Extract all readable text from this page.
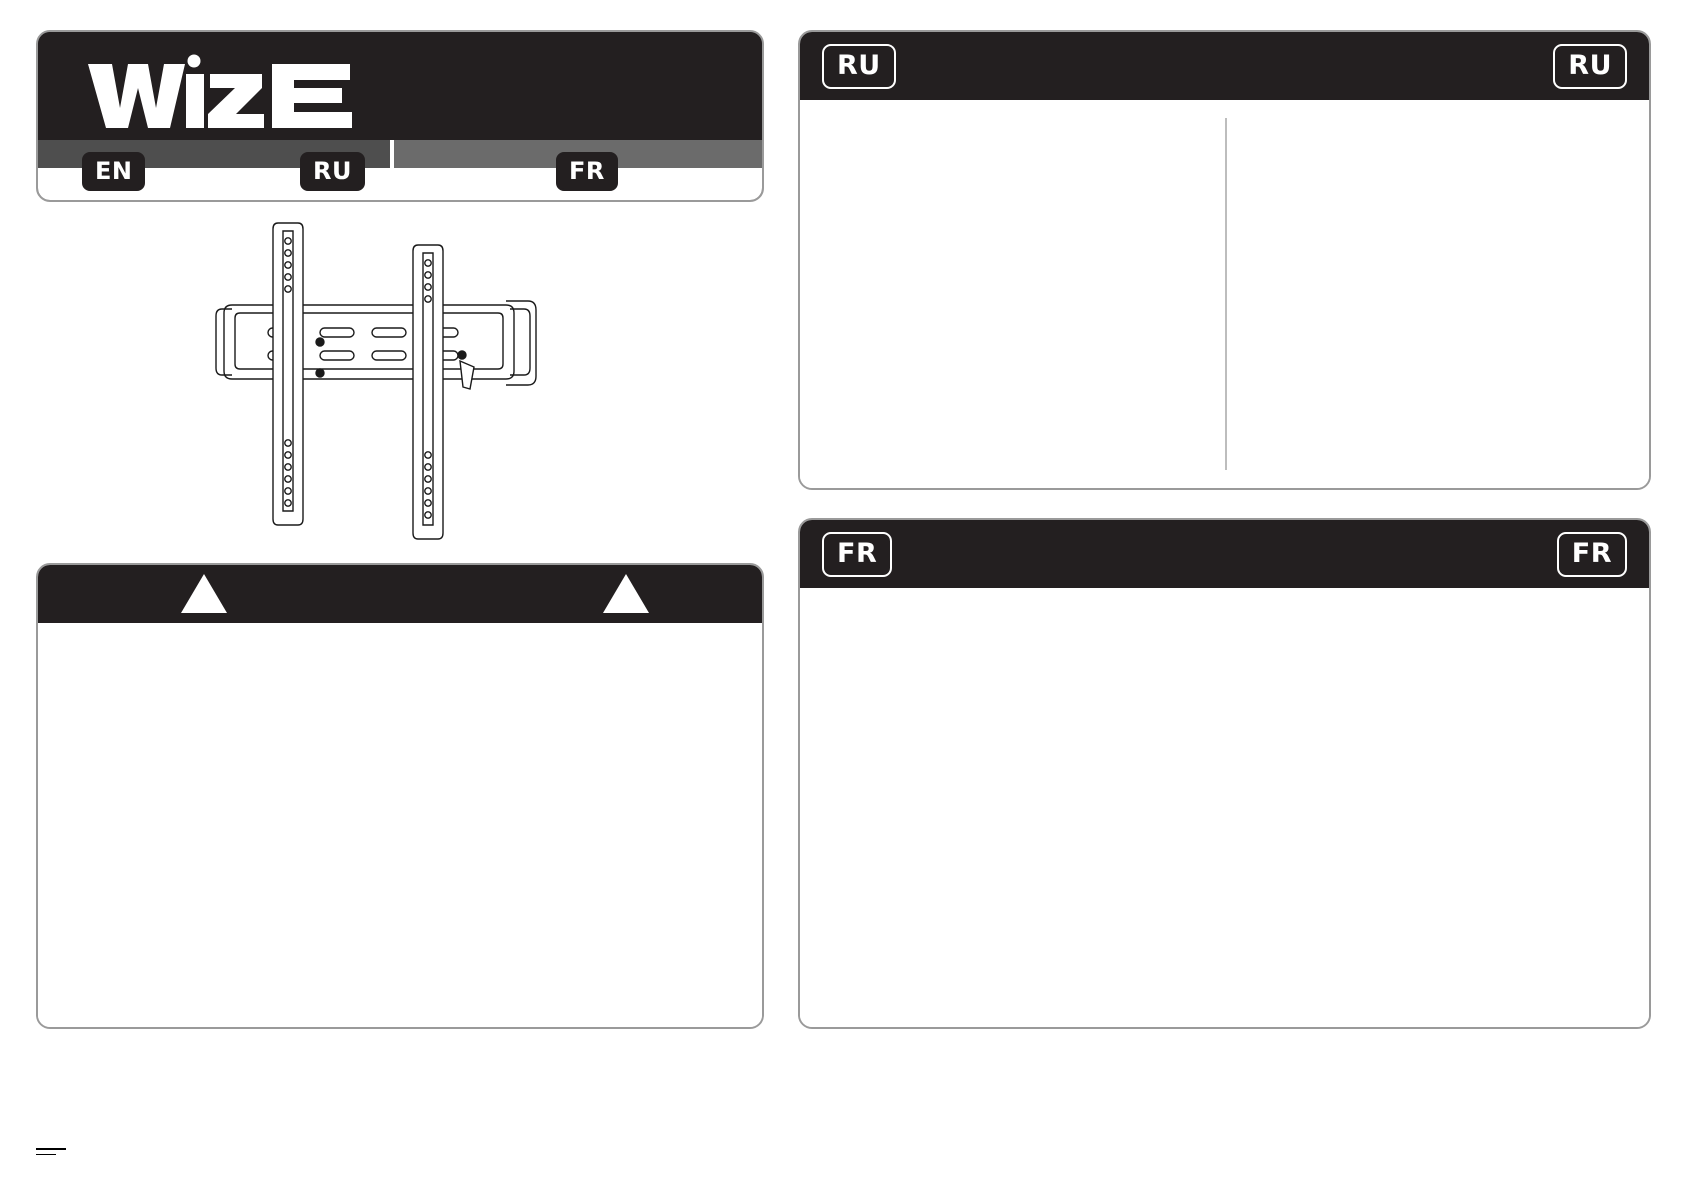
EN	RU	FR
RU	RU
FR	FR
